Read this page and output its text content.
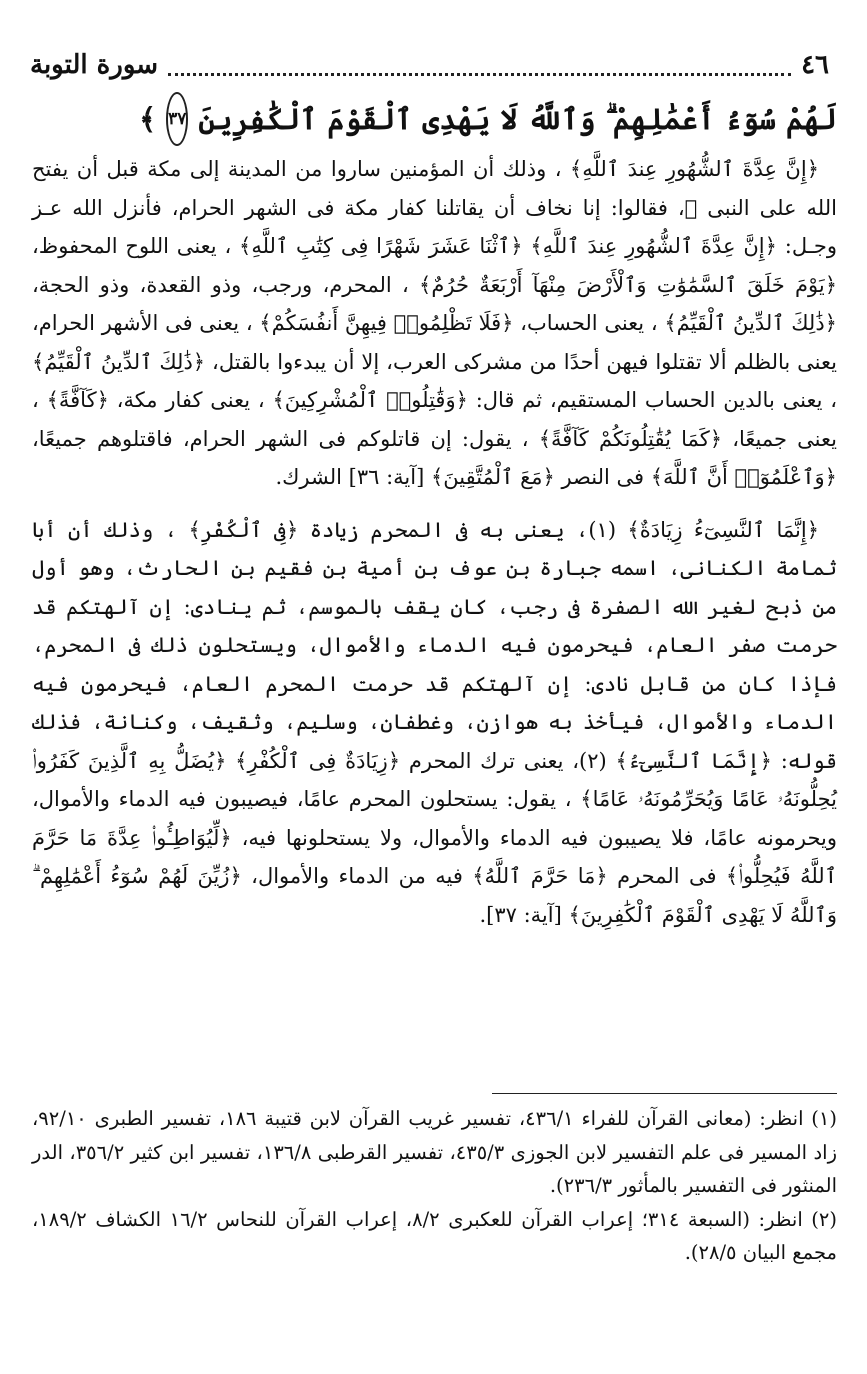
٤٦
سورة التوبة
لَهُمْ سُوٓءُ أَعْمَٰلِهِمْ ۗ وَٱللَّهُ لَا يَهْدِى ٱلْقَوْمَ ٱلْكَٰفِرِينَ
٣٧
﴾

﴿إِنَّ عِدَّةَ ٱلشُّهُورِ عِندَ ٱللَّهِ﴾ ، وذلك أن المؤمنين ساروا من المدينة إلى مكة قبل أن يفتح الله على النبى ﷺ، فقالوا: إنا نخاف أن يقاتلنا كفار مكة فى الشهر الحرام، فأنزل الله عـز وجـل: ﴿إِنَّ عِدَّةَ ٱلشُّهُورِ عِندَ ٱللَّهِ﴾ ﴿ٱثْنَا عَشَرَ شَهْرًا فِى كِتَٰبِ ٱللَّهِ﴾ ، يعنى اللوح المحفوظ، ﴿يَوْمَ خَلَقَ ٱلسَّمَٰوَٰتِ وَٱلْأَرْضَ مِنْهَآ أَرْبَعَةٌ حُرُمٌ﴾ ، المحرم، ورجب، وذو القعدة، وذو الحجة، ﴿ذَٰلِكَ ٱلدِّينُ ٱلْقَيِّمُ﴾ ، يعنى الحساب، ﴿فَلَا تَظْلِمُوا۟ فِيهِنَّ أَنفُسَكُمْ﴾ ، يعنى فى الأشهر الحرام، يعنى بالظلم ألا تقتلوا فيهن أحدًا من مشركى العرب، إلا أن يبدءوا بالقتل، ﴿ذَٰلِكَ ٱلدِّينُ ٱلْقَيِّمُ﴾ ، يعنى بالدين الحساب المستقيم، ثم قال: ﴿وَقَٰتِلُوا۟ ٱلْمُشْرِكِينَ﴾ ، يعنى كفار مكة، ﴿كَآفَّةً﴾ ، يعنى جميعًا، ﴿كَمَا يُقَٰتِلُونَكُمْ كَآفَّةً﴾ ، يقول: إن قاتلوكم فى الشهر الحرام، فاقتلوهم جميعًا، ﴿وَٱعْلَمُوٓا۟ أَنَّ ٱللَّهَ﴾ فى النصر ﴿مَعَ ٱلْمُتَّقِينَ﴾ [آية: ٣٦] الشرك.

﴿إِنَّمَا ٱلنَّسِىٓءُ زِيَادَةٌ﴾ (١)، يعنى به فى المحرم زيادة ﴿فِى ٱلْكُفْرِ﴾ ، وذلك أن أبا ثمامة الكنانى، اسمه جبارة بن عوف بن أمية بن فقيم بن الحارث، وهو أول من ذبح لغير الله الصفرة فى رجب، كان يقف بالموسم، ثم ينادى: إن آلهتكم قد حرمت صفر العام، فيحرمون فيه الدماء والأموال، ويستحلون ذلك فى المحرم، فإذا كان من قابل نادى: إن آلهتكم قد حرمت المحرم العام، فيحرمون فيه الدماء والأموال، فيأخذ به هوازن، وغطفان، وسليم، وثقيف، وكنانة، فذلك قوله: ﴿إِنَّمَا ٱلنَّسِىٓءُ﴾ (٢)، يعنى ترك المحرم ﴿زِيَادَةٌ فِى ٱلْكُفْرِ﴾ ﴿يُضَلُّ بِهِ ٱلَّذِينَ كَفَرُوا۟ يُحِلُّونَهُۥ عَامًا وَيُحَرِّمُونَهُۥ عَامًا﴾ ، يقول: يستحلون المحرم عامًا، فيصيبون فيه الدماء والأموال، ويحرمونه عامًا، فلا يصيبون فيه الدماء والأموال، ولا يستحلونها فيه، ﴿لِّيُوَاطِـُٔوا۟ عِدَّةَ مَا حَرَّمَ ٱللَّهُ فَيُحِلُّوا۟﴾ فى المحرم ﴿مَا حَرَّمَ ٱللَّهُ﴾ فيه من الدماء والأموال، ﴿زُيِّنَ لَهُمْ سُوٓءُ أَعْمَٰلِهِمْ ۗ وَٱللَّهُ لَا يَهْدِى ٱلْقَوْمَ ٱلْكَٰفِرِينَ﴾ [آية: ٣٧].

(١) انظر: (معانى القرآن للفراء ٤٣٦/١، تفسير غريب القرآن لابن قتيبة ١٨٦، تفسير الطبرى ٩٢/١٠، زاد المسير فى علم التفسير لابن الجوزى ٤٣٥/٣، تفسير القرطبى ١٣٦/٨، تفسير ابن كثير ٣٥٦/٢، الدر المنثور فى التفسير بالمأثور ٢٣٦/٣).

(٢) انظر: (السبعة ٣١٤؛ إعراب القرآن للعكبرى ٨/٢، إعراب القرآن للنحاس ١٦/٢ الكشاف ١٨٩/٢، مجمع البيان ٢٨/٥).
